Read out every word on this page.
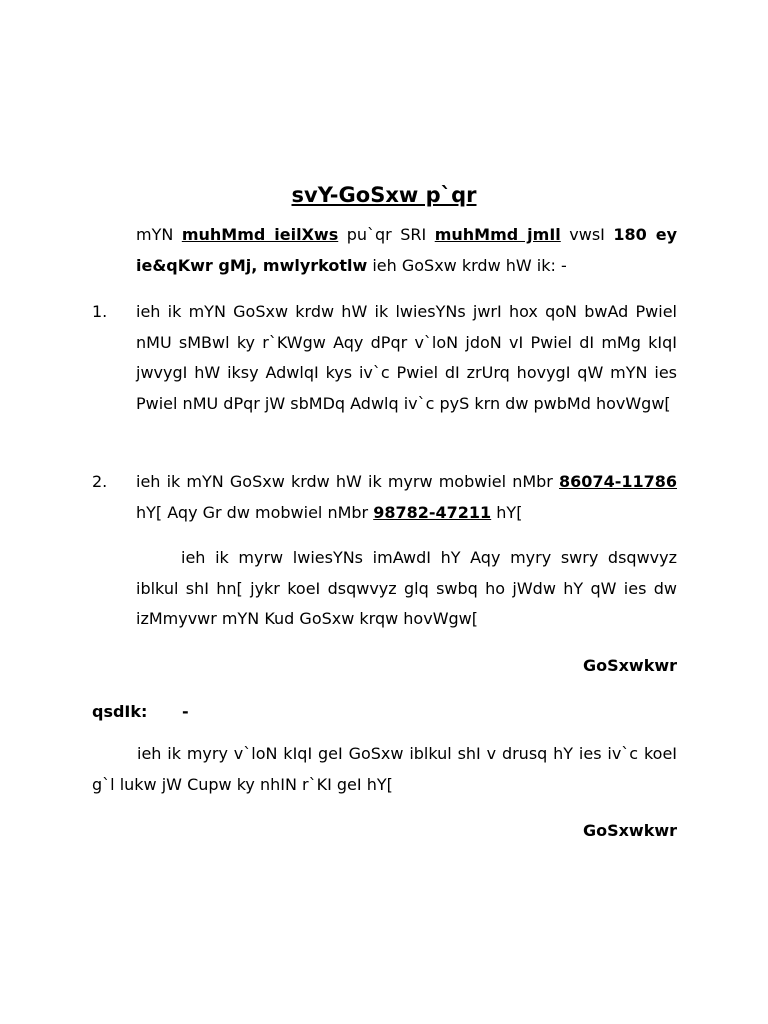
svY-GoSxw p`qr
mYN muhMmd ieilXws pu`qr SRI muhMmd jmIl vwsI 180 ey ie&qKwr gMj, mwlyrkotlw ieh GoSxw krdw hW ik: -
1. ieh ik mYN GoSxw krdw hW ik lwiesYNs jwrI hox qoN bwAd Pwiel nMU sMBwl ky r`KWgw Aqy dPqr v`loN jdoN vI Pwiel dI mMg kIqI jwvygI hW iksy AdwlqI kys iv`c Pwiel dI zrUrq hovygI qW mYN ies Pwiel nMU dPqr jW sbMDq Adwlq iv`c pyS krn dw pwbMd hovWgw[
2. ieh ik mYN GoSxw krdw hW ik myrw mobwiel nMbr 86074-11786 hY[ Aqy Gr dw mobwiel nMbr 98782-47211 hY[
ieh ik myrw lwiesYNs imAwdI hY Aqy myry swry dsqwvyz iblkul shI hn[ jykr koeI dsqwvyz glq swbq ho jWdw hY qW ies dw izMmyvwr mYN Kud GoSxw krqw hovWgw[
GoSxwkwr
qsdIk: -
ieh ik myry v`loN kIqI geI GoSxw iblkul shI v drusq hY ies iv`c koeI g`l lukw jW Cupw ky nhIN r`KI geI hY[
GoSxwkwr
